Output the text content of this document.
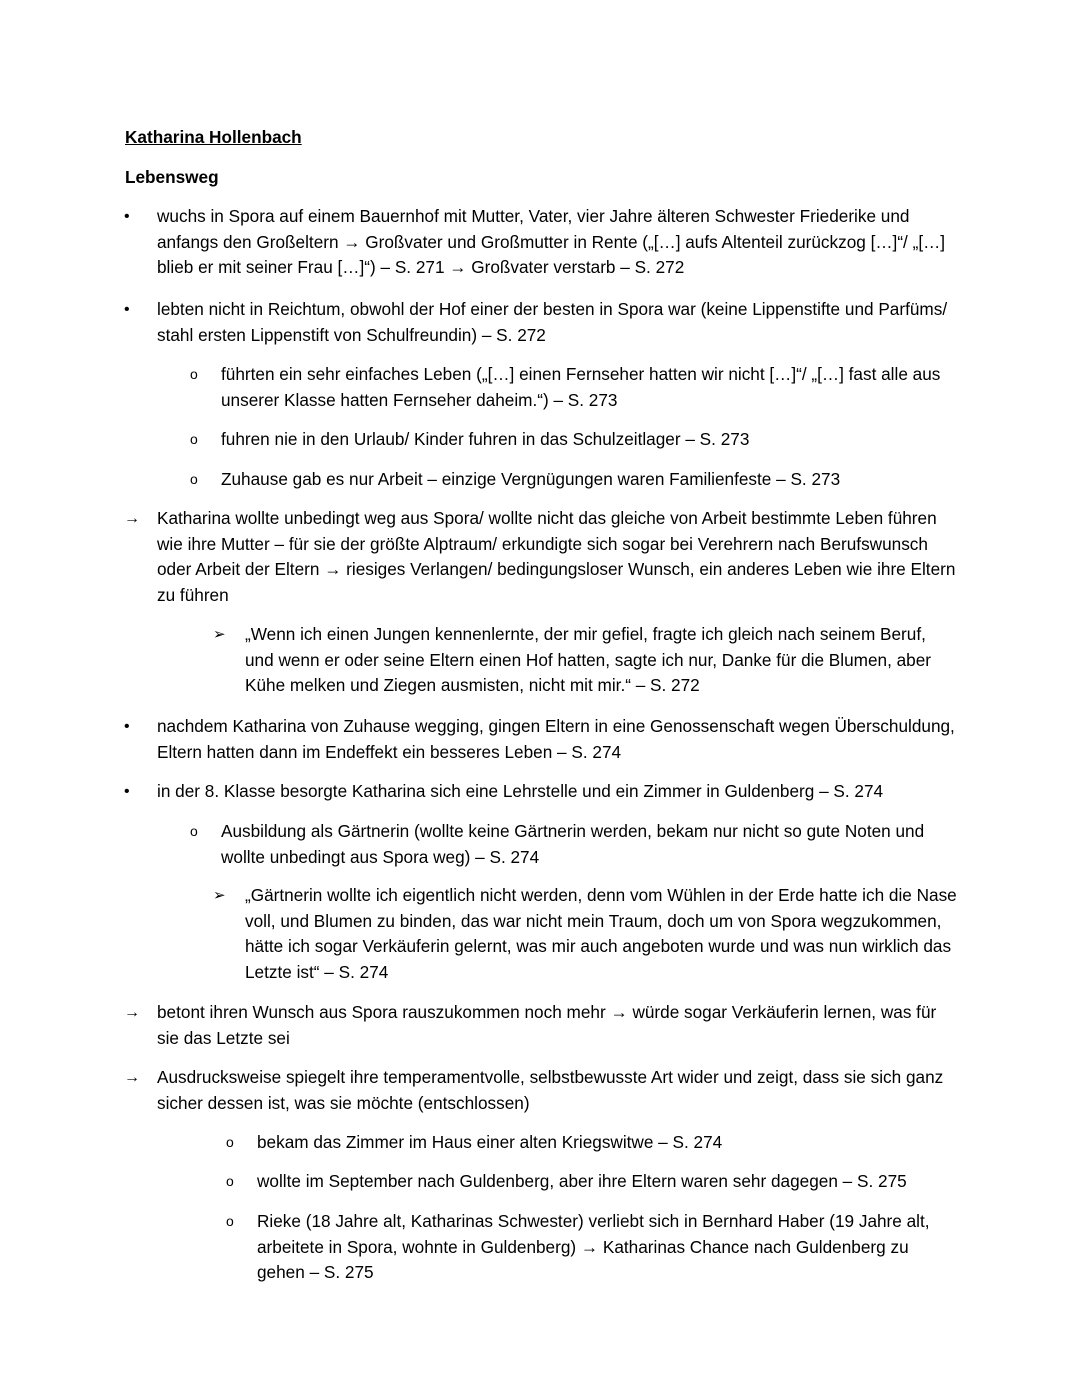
Katharina Hollenbach
Lebensweg
• wuchs in Spora auf einem Bauernhof mit Mutter, Vater, vier Jahre älteren Schwester Friederike und anfangs den Großeltern → Großvater und Großmutter in Rente („[…] aufs Altenteil zurückzog […]“/ „[…] blieb er mit seiner Frau […]“) – S. 271 → Großvater verstarb – S. 272
• lebten nicht in Reichtum, obwohl der Hof einer der besten in Spora war (keine Lippenstifte und Parfüms/ stahl ersten Lippenstift von Schulfreundin) – S. 272
o führten ein sehr einfaches Leben („[…] einen Fernseher hatten wir nicht […]“/ „[…] fast alle aus unserer Klasse hatten Fernseher daheim.“) – S. 273
o fuhren nie in den Urlaub/ Kinder fuhren in das Schulzeitlager – S. 273
o Zuhause gab es nur Arbeit – einzige Vergnügungen waren Familienfeste – S. 273
→ Katharina wollte unbedingt weg aus Spora/ wollte nicht das gleiche von Arbeit bestimmte Leben führen wie ihre Mutter – für sie der größte Alptraum/ erkundigte sich sogar bei Verehrern nach Berufswunsch oder Arbeit der Eltern → riesiges Verlangen/ bedingungsloser Wunsch, ein anderes Leben wie ihre Eltern zu führen
➢ „Wenn ich einen Jungen kennenlernte, der mir gefiel, fragte ich gleich nach seinem Beruf, und wenn er oder seine Eltern einen Hof hatten, sagte ich nur, Danke für die Blumen, aber Kühe melken und Ziegen ausmisten, nicht mit mir.“ – S. 272
• nachdem Katharina von Zuhause wegging, gingen Eltern in eine Genossenschaft wegen Überschuldung, Eltern hatten dann im Endeffekt ein besseres Leben – S. 274
• in der 8. Klasse besorgte Katharina sich eine Lehrstelle und ein Zimmer in Guldenberg – S. 274
o Ausbildung als Gärtnerin (wollte keine Gärtnerin werden, bekam nur nicht so gute Noten und wollte unbedingt aus Spora weg) – S. 274
➢ „Gärtnerin wollte ich eigentlich nicht werden, denn vom Wühlen in der Erde hatte ich die Nase voll, und Blumen zu binden, das war nicht mein Traum, doch um von Spora wegzukommen, hätte ich sogar Verkäuferin gelernt, was mir auch angeboten wurde und was nun wirklich das Letzte ist“ – S. 274
→ betont ihren Wunsch aus Spora rauszukommen noch mehr → würde sogar Verkäuferin lernen, was für sie das Letzte sei
→ Ausdrucksweise spiegelt ihre temperamentvolle, selbstbewusste Art wider und zeigt, dass sie sich ganz sicher dessen ist, was sie möchte (entschlossen)
o bekam das Zimmer im Haus einer alten Kriegswitwe – S. 274
o wollte im September nach Guldenberg, aber ihre Eltern waren sehr dagegen – S. 275
o Rieke (18 Jahre alt, Katharinas Schwester) verliebt sich in Bernhard Haber (19 Jahre alt, arbeitete in Spora, wohnte in Guldenberg) → Katharinas Chance nach Guldenberg zu gehen – S. 275
